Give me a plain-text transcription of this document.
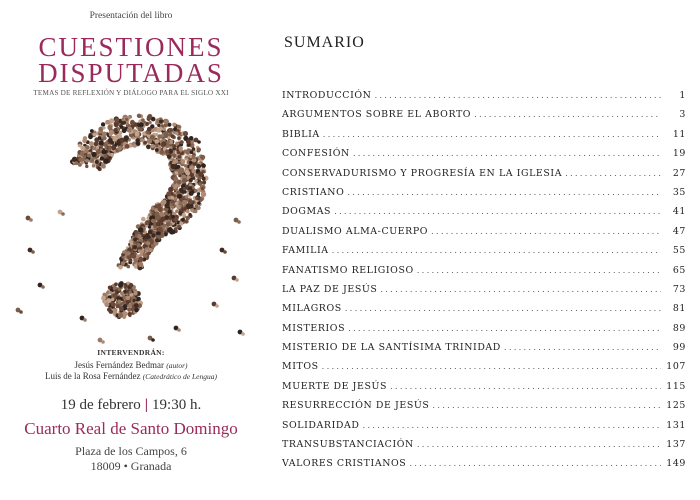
Presentación del libro
CUESTIONES
DISPUTADAS
TEMAS DE REFLEXIÓN Y DIÁLOGO PARA EL SIGLO XXI
INTERVENDRÁN:
Jesús Fernández Bedmar (autor)
Luis de la Rosa Fernández (Catedrático de Lengua)
19 de febrero | 19:30 h.
Cuarto Real de Santo Domingo
Plaza de los Campos, 6
18009 • Granada
SUMARIO
INTRODUCCIÓN .....	1
ARGUMENTOS SOBRE EL ABORTO .....	3
BIBLIA .....	11
CONFESIÓN .....	19
CONSERVADURISMO Y PROGRESÍA EN LA IGLESIA .....	27
CRISTIANO .....	35
DOGMAS .....	41
DUALISMO ALMA-CUERPO .....	47
FAMILIA .....	55
FANATISMO RELIGIOSO .....	65
LA PAZ DE JESÚS .....	73
MILAGROS .....	81
MISTERIOS .....	89
MISTERIO DE LA SANTÍSIMA TRINIDAD .....	99
MITOS .....	107
MUERTE DE JESÚS .....	115
RESURRECCIÓN DE JESÚS .....	125
SOLIDARIDAD .....	131
TRANSUBSTANCIACIÓN .....	137
VALORES CRISTIANOS .....	149
